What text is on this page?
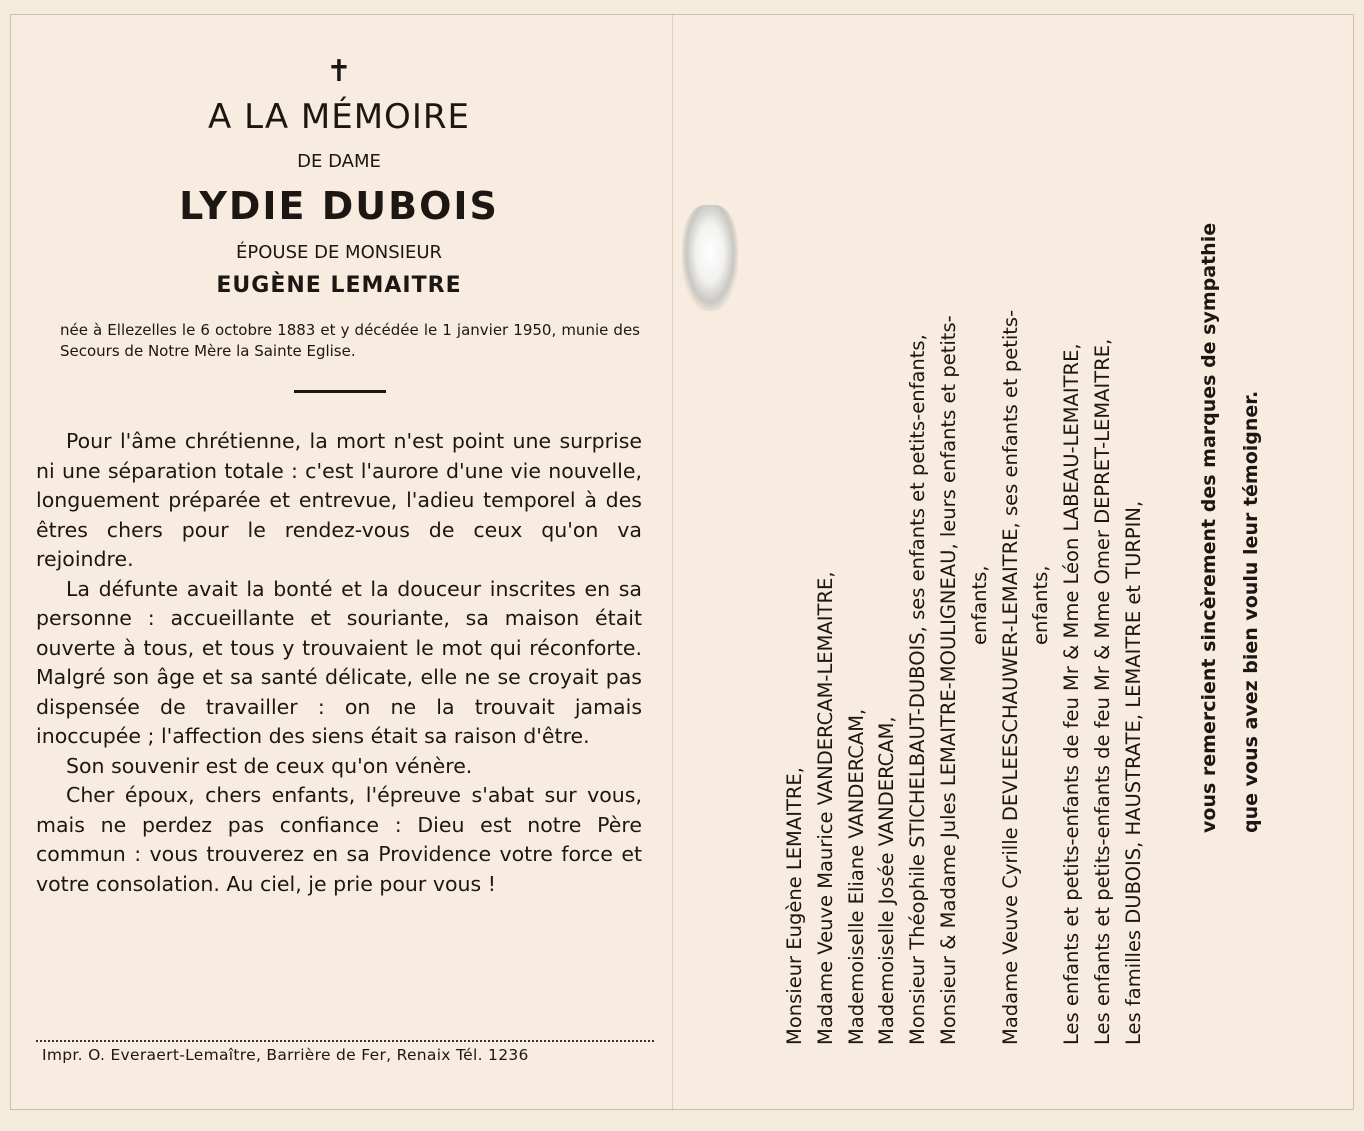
✝
A LA MÉMOIRE
DE DAME
LYDIE DUBOIS
ÉPOUSE DE MONSIEUR
EUGÈNE LEMAITRE
née à Ellezelles le 6 octobre 1883 et y décédée le 1 janvier 1950, munie des Secours de Notre Mère la Sainte Eglise.

Pour l'âme chrétienne, la mort n'est point une surprise ni une séparation totale : c'est l'aurore d'une vie nouvelle, longuement préparée et entrevue, l'adieu temporel à des êtres chers pour le rendez-vous de ceux qu'on va rejoindre.

La défunte avait la bonté et la douceur inscrites en sa personne : accueillante et souriante, sa maison était ouverte à tous, et tous y trouvaient le mot qui réconforte. Malgré son âge et sa santé délicate, elle ne se croyait pas dispensée de travailler : on ne la trouvait jamais inoccupée ; l'affection des siens était sa raison d'être.

Son souvenir est de ceux qu'on vénère.

Cher époux, chers enfants, l'épreuve s'abat sur vous, mais ne perdez pas confiance : Dieu est notre Père commun : vous trouverez en sa Providence votre force et votre consolation. Au ciel, je prie pour vous !

Impr. O. Everaert-Lemaître, Barrière de Fer, Renaix Tél. 1236
Monsieur Eugène LEMAITRE, Madame Veuve Maurice VANDERCAM-LEMAITRE, Mademoiselle Eliane VANDERCAM, Mademoiselle Josée VANDERCAM, Monsieur Théophile STICHELBAUT-DUBOIS, ses enfants et petits-enfants, Monsieur & Madame Jules LEMAITRE-MOULIGNEAU, leurs enfants et petits- enfants, Madame Veuve Cyrille DEVLEESCHAUWER-LEMAITRE, ses enfants et petits- enfants, Les enfants et petits-enfants de feu Mr & Mme Léon LABEAU-LEMAITRE, Les enfants et petits-enfants de feu Mr & Mme Omer DEPRET-LEMAITRE, Les familles DUBOIS, HAUSTRATE, LEMAITRE et TURPIN,	vous remercient sincèrement des marques de sympathie	que vous avez bien voulu leur témoigner.
